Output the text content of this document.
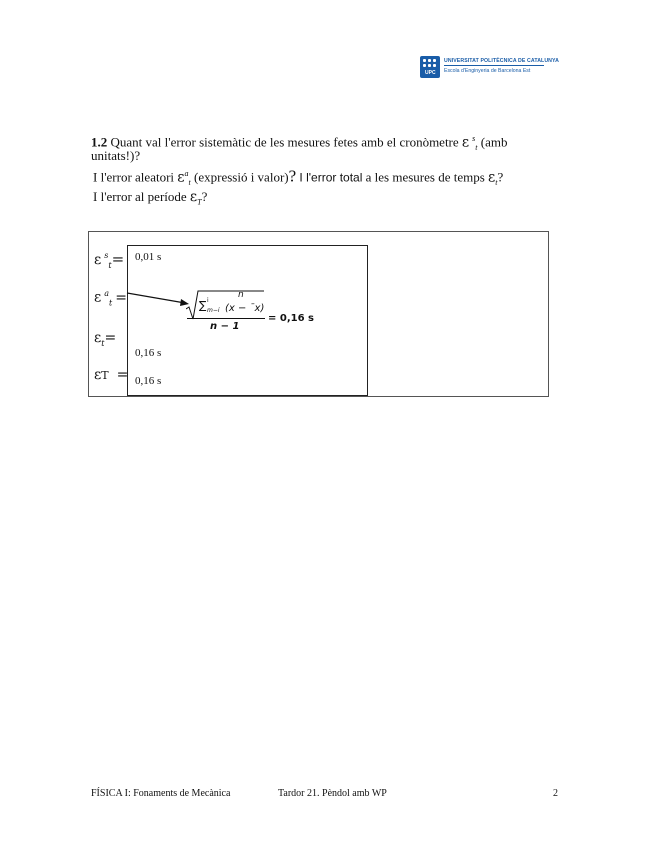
UPC
UNIVERSITAT POLITÈCNICA DE CATALUNYA
Escola d'Enginyeria de Barcelona Est
1.2 Quant val l'error sistemàtic de les mesures fetes amb el cronòmetre ε $^s_t$ (amb
unitats!)?
I l'error aleatori $\varepsilon^a_t$ (expressió i valor)? I l'error total a les mesures de temps $\varepsilon_t$?
I l'error al període $\varepsilon_T$?
ε $^s_t$=
ε $^a_t$ =
$\varepsilon_t=$
εT =
0,01 s
0,16 s
0,16 s
n
∑ i
m−i (x − ˉx)
n − 1
= 0,16 s
FÍSICA I: Fonaments de Mecànica	Tardor 21. Pèndol amb WP	2
